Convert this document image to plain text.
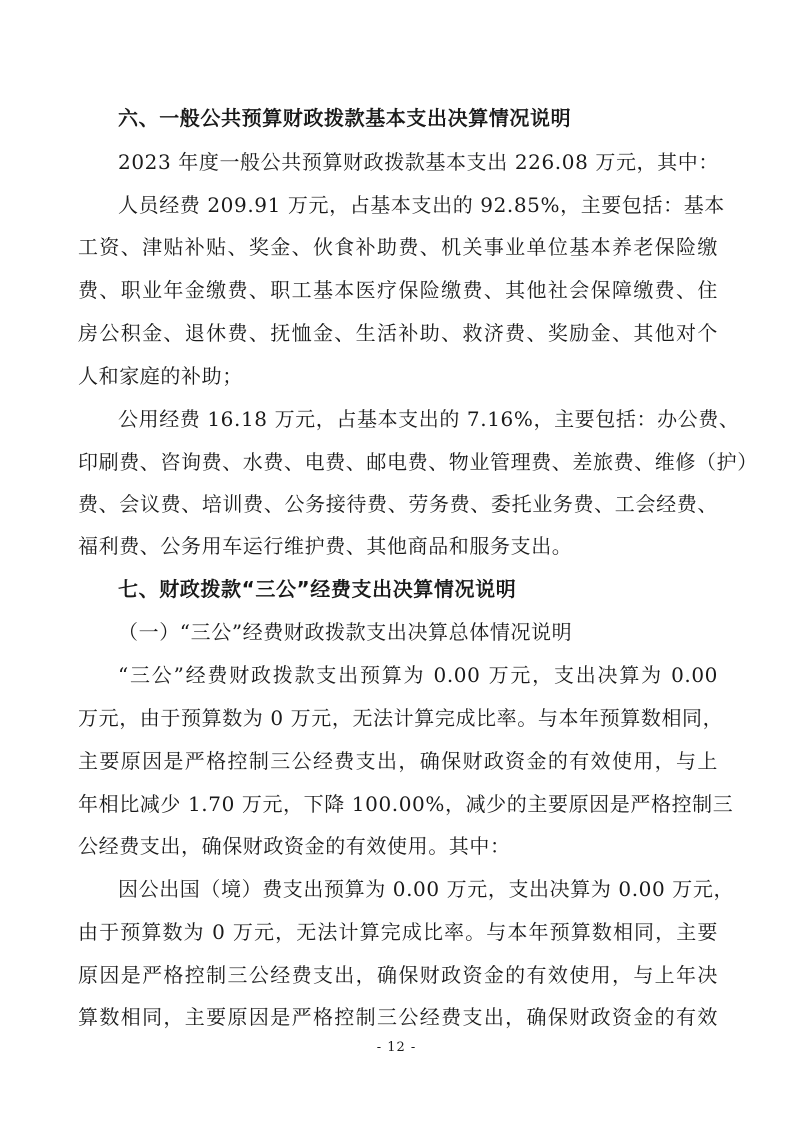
六、一般公共预算财政拨款基本支出决算情况说明
2023 年度一般公共预算财政拨款基本支出 226.08 万元，其中：
人员经费 209.91 万元，占基本支出的 92.85%，主要包括：基本
工资、津贴补贴、奖金、伙食补助费、机关事业单位基本养老保险缴
费、职业年金缴费、职工基本医疗保险缴费、其他社会保障缴费、住
房公积金、退休费、抚恤金、生活补助、救济费、奖励金、其他对个
人和家庭的补助；
公用经费 16.18 万元，占基本支出的 7.16%，主要包括：办公费、
印刷费、咨询费、水费、电费、邮电费、物业管理费、差旅费、维修（护）
费、会议费、培训费、公务接待费、劳务费、委托业务费、工会经费、
福利费、公务用车运行维护费、其他商品和服务支出。
七、财政拨款“三公”经费支出决算情况说明
（一）“三公”经费财政拨款支出决算总体情况说明
“三公”经费财政拨款支出预算为 0.00 万元，支出决算为 0.00
万元，由于预算数为 0 万元，无法计算完成比率。与本年预算数相同，
主要原因是严格控制三公经费支出，确保财政资金的有效使用，与上
年相比减少 1.70 万元，下降 100.00%，减少的主要原因是严格控制三
公经费支出，确保财政资金的有效使用。其中：
因公出国（境）费支出预算为 0.00 万元，支出决算为 0.00 万元，
由于预算数为 0 万元，无法计算完成比率。与本年预算数相同，主要
原因是严格控制三公经费支出，确保财政资金的有效使用，与上年决
算数相同，主要原因是严格控制三公经费支出，确保财政资金的有效
- 12 -
